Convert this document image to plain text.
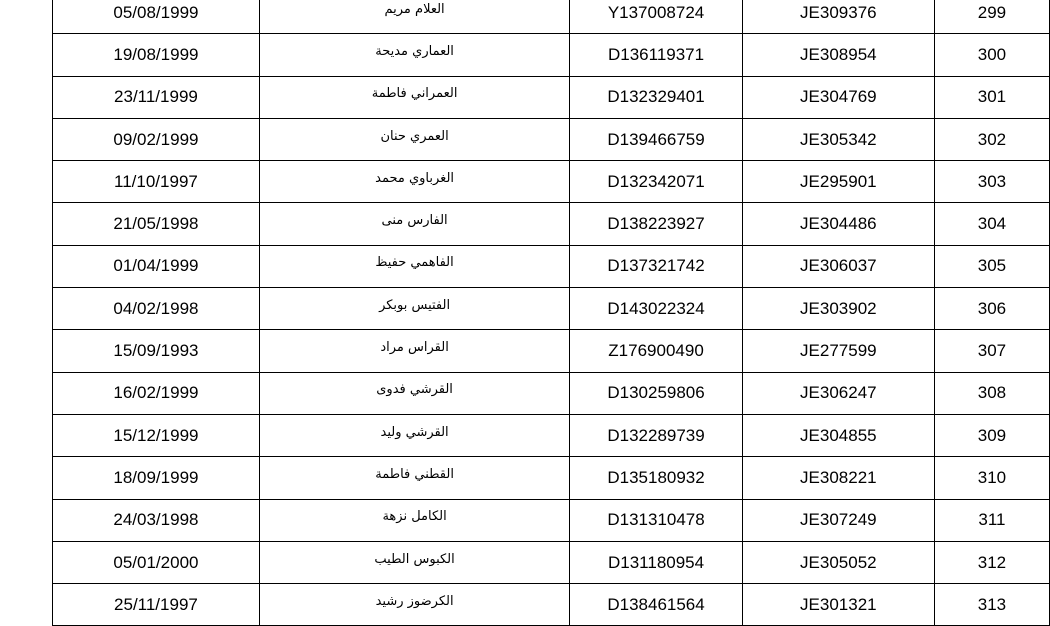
05/08/1999	العلام مريم	Y137008724	JE309376	299
19/08/1999	العماري مديحة	D136119371	JE308954	300
23/11/1999	العمراني فاطمة	D132329401	JE304769	301
09/02/1999	العمري حنان	D139466759	JE305342	302
11/10/1997	الغرباوي محمد	D132342071	JE295901	303
21/05/1998	الفارس منى	D138223927	JE304486	304
01/04/1999	الفاهمي حفيظ	D137321742	JE306037	305
04/02/1998	الفتيس بوبكر	D143022324	JE303902	306
15/09/1993	القراس مراد	Z176900490	JE277599	307
16/02/1999	القرشي فدوى	D130259806	JE306247	308
15/12/1999	القرشي وليد	D132289739	JE304855	309
18/09/1999	القطني فاطمة	D135180932	JE308221	310
24/03/1998	الكامل نزهة	D131310478	JE307249	311
05/01/2000	الكبوس الطيب	D131180954	JE305052	312
25/11/1997	الكرضوز رشيد	D138461564	JE301321	313
